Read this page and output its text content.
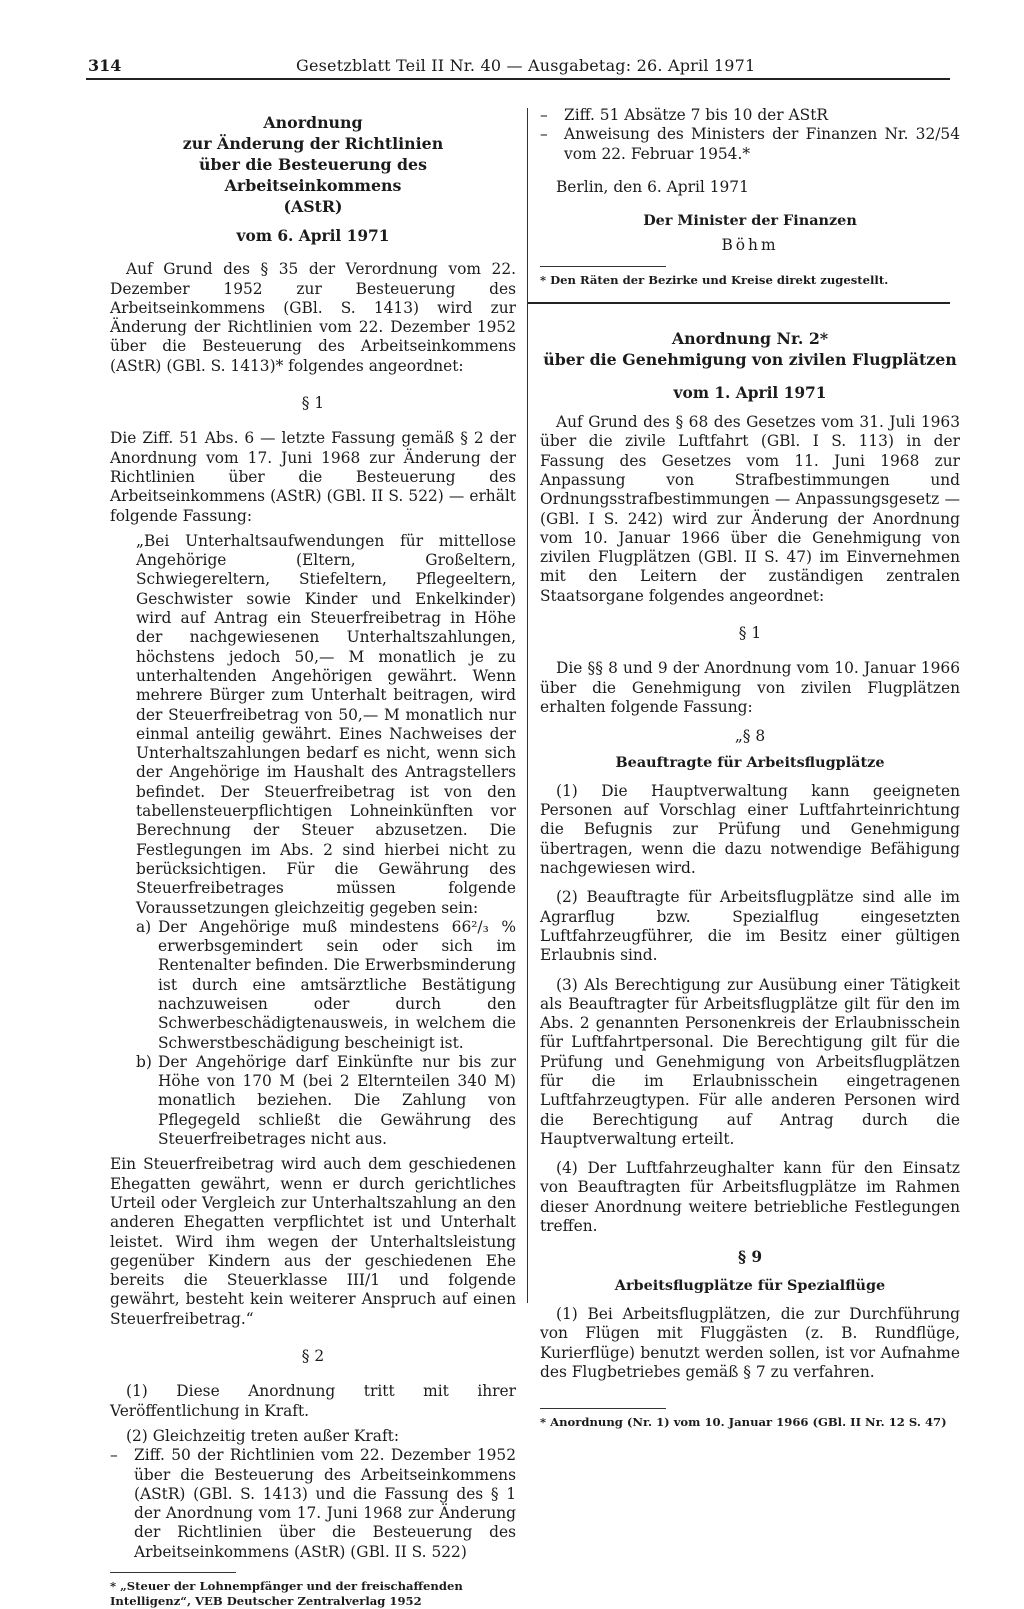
314	Gesetzblatt Teil II Nr. 40 — Ausgabetag: 26. April 1971
Anordnung
zur Änderung der Richtlinien
über die Besteuerung des Arbeitseinkommens
(AStR)
vom 6. April 1971

Auf Grund des § 35 der Verordnung vom 22. Dezember 1952 zur Besteuerung des Arbeitseinkommens (GBl. S. 1413) wird zur Änderung der Richtlinien vom 22. Dezember 1952 über die Besteuerung des Arbeitseinkommens (AStR) (GBl. S. 1413)* folgendes angeordnet:

§ 1

Die Ziff. 51 Abs. 6 — letzte Fassung gemäß § 2 der Anordnung vom 17. Juni 1968 zur Änderung der Richtlinien über die Besteuerung des Arbeitseinkommens (AStR) (GBl. II S. 522) — erhält folgende Fassung:

„Bei Unterhaltsaufwendungen für mittellose Angehörige (Eltern, Großeltern, Schwiegereltern, Stiefeltern, Pflegeeltern, Geschwister sowie Kinder und Enkelkinder) wird auf Antrag ein Steuerfreibetrag in Höhe der nachgewiesenen Unterhaltszahlungen, höchstens jedoch 50,— M monatlich je zu unterhaltenden Angehörigen gewährt. Wenn mehrere Bürger zum Unterhalt beitragen, wird der Steuerfreibetrag von 50,— M monatlich nur einmal anteilig gewährt. Eines Nachweises der Unterhaltszahlungen bedarf es nicht, wenn sich der Angehörige im Haushalt des Antragstellers befindet. Der Steuerfreibetrag ist von den tabellensteuerpflichtigen Lohneinkünften vor Berechnung der Steuer abzusetzen. Die Festlegungen im Abs. 2 sind hierbei nicht zu berücksichtigen. Für die Gewährung des Steuerfreibetrages müssen folgende Voraussetzungen gleichzeitig gegeben sein:

a) Der Angehörige muß mindestens 66²/₃ % erwerbsgemindert sein oder sich im Rentenalter befinden. Die Erwerbsminderung ist durch eine amtsärztliche Bestätigung nachzuweisen oder durch den Schwerbeschädigtenausweis, in welchem die Schwerstbeschädigung bescheinigt ist.
b) Der Angehörige darf Einkünfte nur bis zur Höhe von 170 M (bei 2 Elternteilen 340 M) monatlich beziehen. Die Zahlung von Pflegegeld schließt die Gewährung des Steuerfreibetrages nicht aus.

Ein Steuerfreibetrag wird auch dem geschiedenen Ehegatten gewährt, wenn er durch gerichtliches Urteil oder Vergleich zur Unterhaltszahlung an den anderen Ehegatten verpflichtet ist und Unterhalt leistet. Wird ihm wegen der Unterhaltsleistung gegenüber Kindern aus der geschiedenen Ehe bereits die Steuerklasse III/1 und folgende gewährt, besteht kein weiterer Anspruch auf einen Steuerfreibetrag.“

§ 2

(1) Diese Anordnung tritt mit ihrer Veröffentlichung in Kraft.

(2) Gleichzeitig treten außer Kraft:

–	Ziff. 50 der Richtlinien vom 22. Dezember 1952 über die Besteuerung des Arbeitseinkommens (AStR) (GBl. S. 1413) und die Fassung des § 1 der Anordnung vom 17. Juni 1968 zur Änderung der Richtlinien über die Besteuerung des Arbeitseinkommens (AStR) (GBl. II S. 522)
* „Steuer der Lohnempfänger und der freischaffenden Intelligenz“, VEB Deutscher Zentralverlag 1952
–	Ziff. 51 Absätze 7 bis 10 der AStR
–	Anweisung des Ministers der Finanzen Nr. 32/54 vom 22. Februar 1954.*
Berlin, den 6. April 1971
Der Minister der Finanzen
Böhm
* Den Räten der Bezirke und Kreise direkt zugestellt.
Anordnung Nr. 2*
über die Genehmigung von zivilen Flugplätzen
vom 1. April 1971

Auf Grund des § 68 des Gesetzes vom 31. Juli 1963 über die zivile Luftfahrt (GBl. I S. 113) in der Fassung des Gesetzes vom 11. Juni 1968 zur Anpassung von Strafbestimmungen und Ordnungsstrafbestimmungen — Anpassungsgesetz — (GBl. I S. 242) wird zur Änderung der Anordnung vom 10. Januar 1966 über die Genehmigung von zivilen Flugplätzen (GBl. II S. 47) im Einvernehmen mit den Leitern der zuständigen zentralen Staatsorgane folgendes angeordnet:

§ 1

Die §§ 8 und 9 der Anordnung vom 10. Januar 1966 über die Genehmigung von zivilen Flugplätzen erhalten folgende Fassung:

„§ 8
Beauftragte für Arbeitsflugplätze

(1) Die Hauptverwaltung kann geeigneten Personen auf Vorschlag einer Luftfahrteinrichtung die Befugnis zur Prüfung und Genehmigung übertragen, wenn die dazu notwendige Befähigung nachgewiesen wird.

(2) Beauftragte für Arbeitsflugplätze sind alle im Agrarflug bzw. Spezialflug eingesetzten Luftfahrzeugführer, die im Besitz einer gültigen Erlaubnis sind.

(3) Als Berechtigung zur Ausübung einer Tätigkeit als Beauftragter für Arbeitsflugplätze gilt für den im Abs. 2 genannten Personenkreis der Erlaubnisschein für Luftfahrtpersonal. Die Berechtigung gilt für die Prüfung und Genehmigung von Arbeitsflugplätzen für die im Erlaubnisschein eingetragenen Luftfahrzeugtypen. Für alle anderen Personen wird die Berechtigung auf Antrag durch die Hauptverwaltung erteilt.

(4) Der Luftfahrzeughalter kann für den Einsatz von Beauftragten für Arbeitsflugplätze im Rahmen dieser Anordnung weitere betriebliche Festlegungen treffen.

§ 9
Arbeitsflugplätze für Spezialflüge

(1) Bei Arbeitsflugplätzen, die zur Durchführung von Flügen mit Fluggästen (z. B. Rundflüge, Kurierflüge) benutzt werden sollen, ist vor Aufnahme des Flugbetriebes gemäß § 7 zu verfahren.

* Anordnung (Nr. 1) vom 10. Januar 1966 (GBl. II Nr. 12 S. 47)
